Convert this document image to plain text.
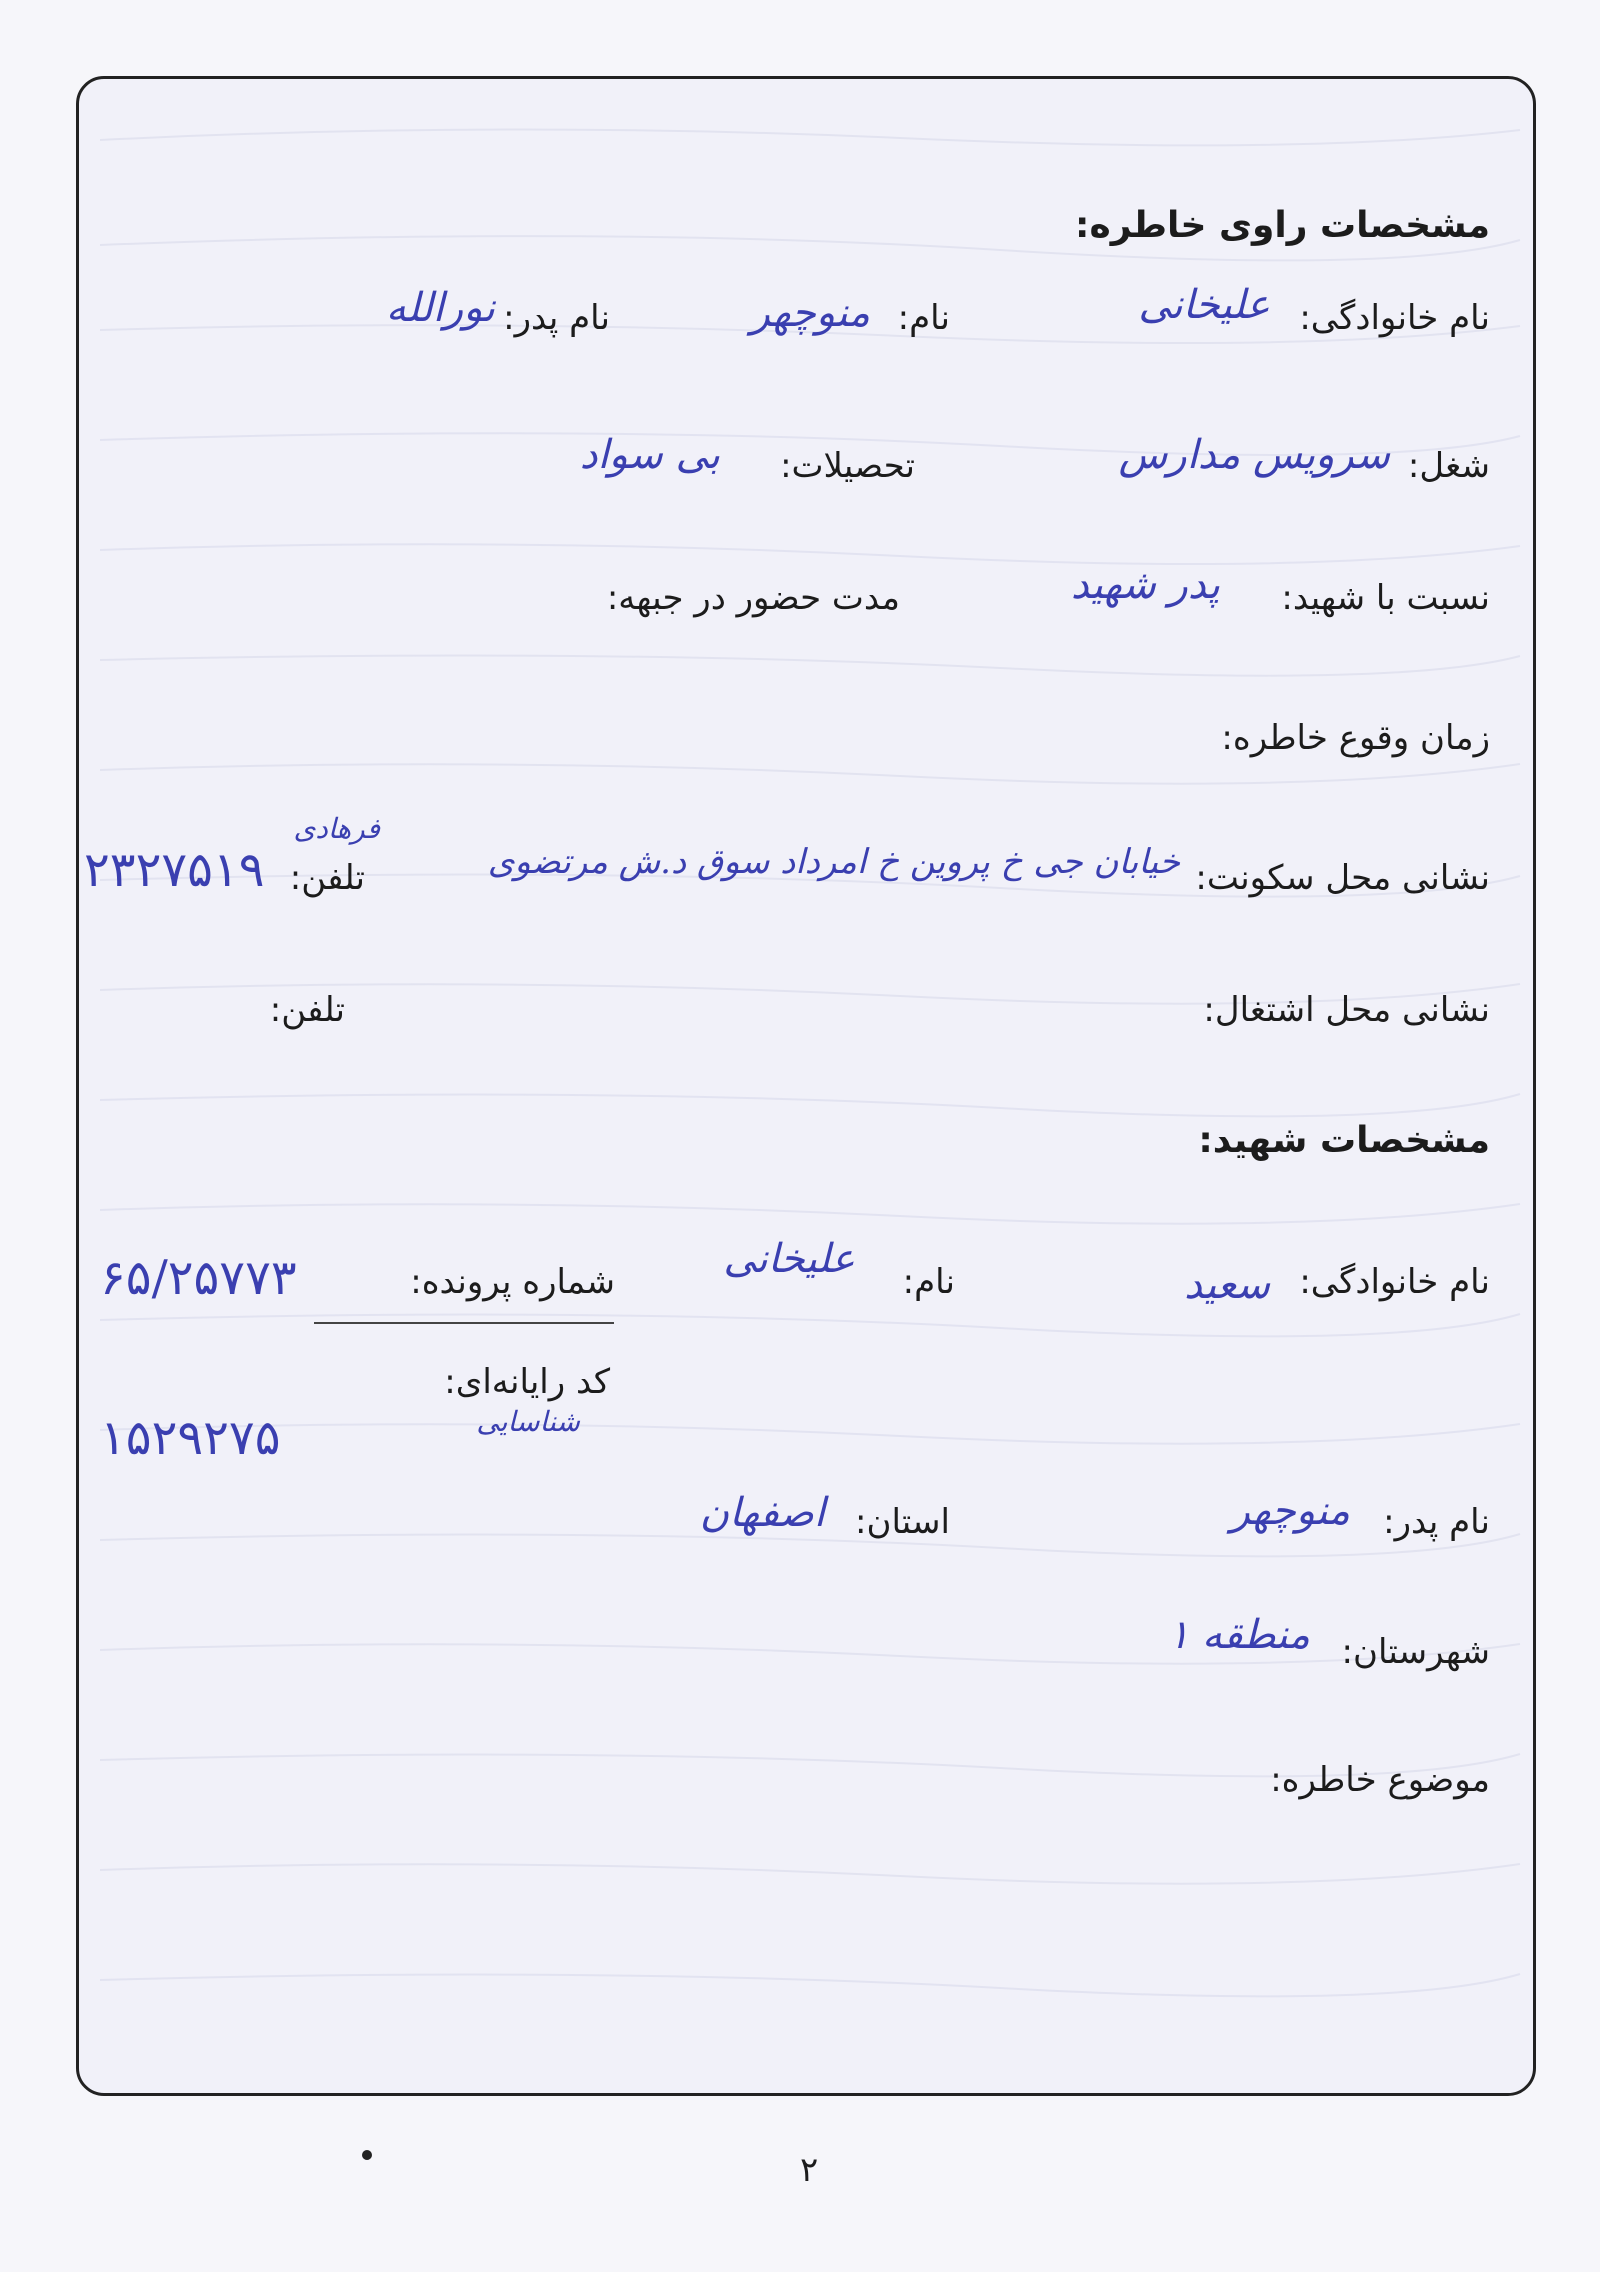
مشخصات راوی خاطره:
نام خانوادگی:
علیخانی
نام:
منوچهر
نام پدر:
نورالله
شغل:
سرویس مدارس
تحصیلات:
بی سواد
نسبت با شهید:
پدر شهید
مدت حضور در جبهه:
زمان وقوع خاطره:
نشانی محل سکونت:
خیابان جی خ پروین خ امرداد سوق د.ش مرتضوی
فرهادی
تلفن:
۲۳۲۷۵۱۹
نشانی محل اشتغال:
تلفن:
مشخصات شهید:
نام خانوادگی:
سعید
نام:
علیخانی
شماره پرونده:
۶۵/۲۵۷۷۳
کد رایانه‌ای:
شناسایی
۱۵۲۹۲۷۵
نام پدر:
منوچهر
استان:
اصفهان
شهرستان:
منطقه ۱
موضوع خاطره:
۲
